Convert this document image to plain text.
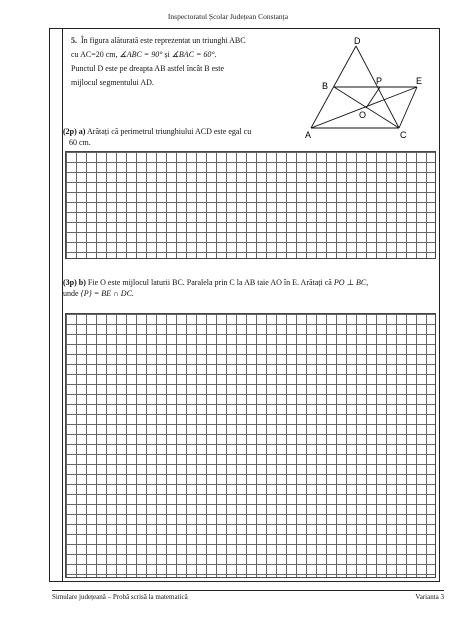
Inspectoratul Școlar Județean Constanța
5. În figura alăturată este reprezentat un triunghi ABC
cu AC=20 cm, ∡ABC = 90° și ∡BAC = 60°.
Punctul D este pe dreapta AB astfel încât B este
mijlocul segmentului AD.
D
B	P	E
O
A	C
(2p) a) Arătați că perimetrul triunghiului ACD este egal cu
60 cm.
(3p) b) Fie O este mijlocul laturii BC. Paralela prin C la AB taie AO în E. Arătați că PO ⊥ BC,
unde {P} = BE ∩ DC.
Simulare județeană – Probă scrisă la matematică	Varianta 3
